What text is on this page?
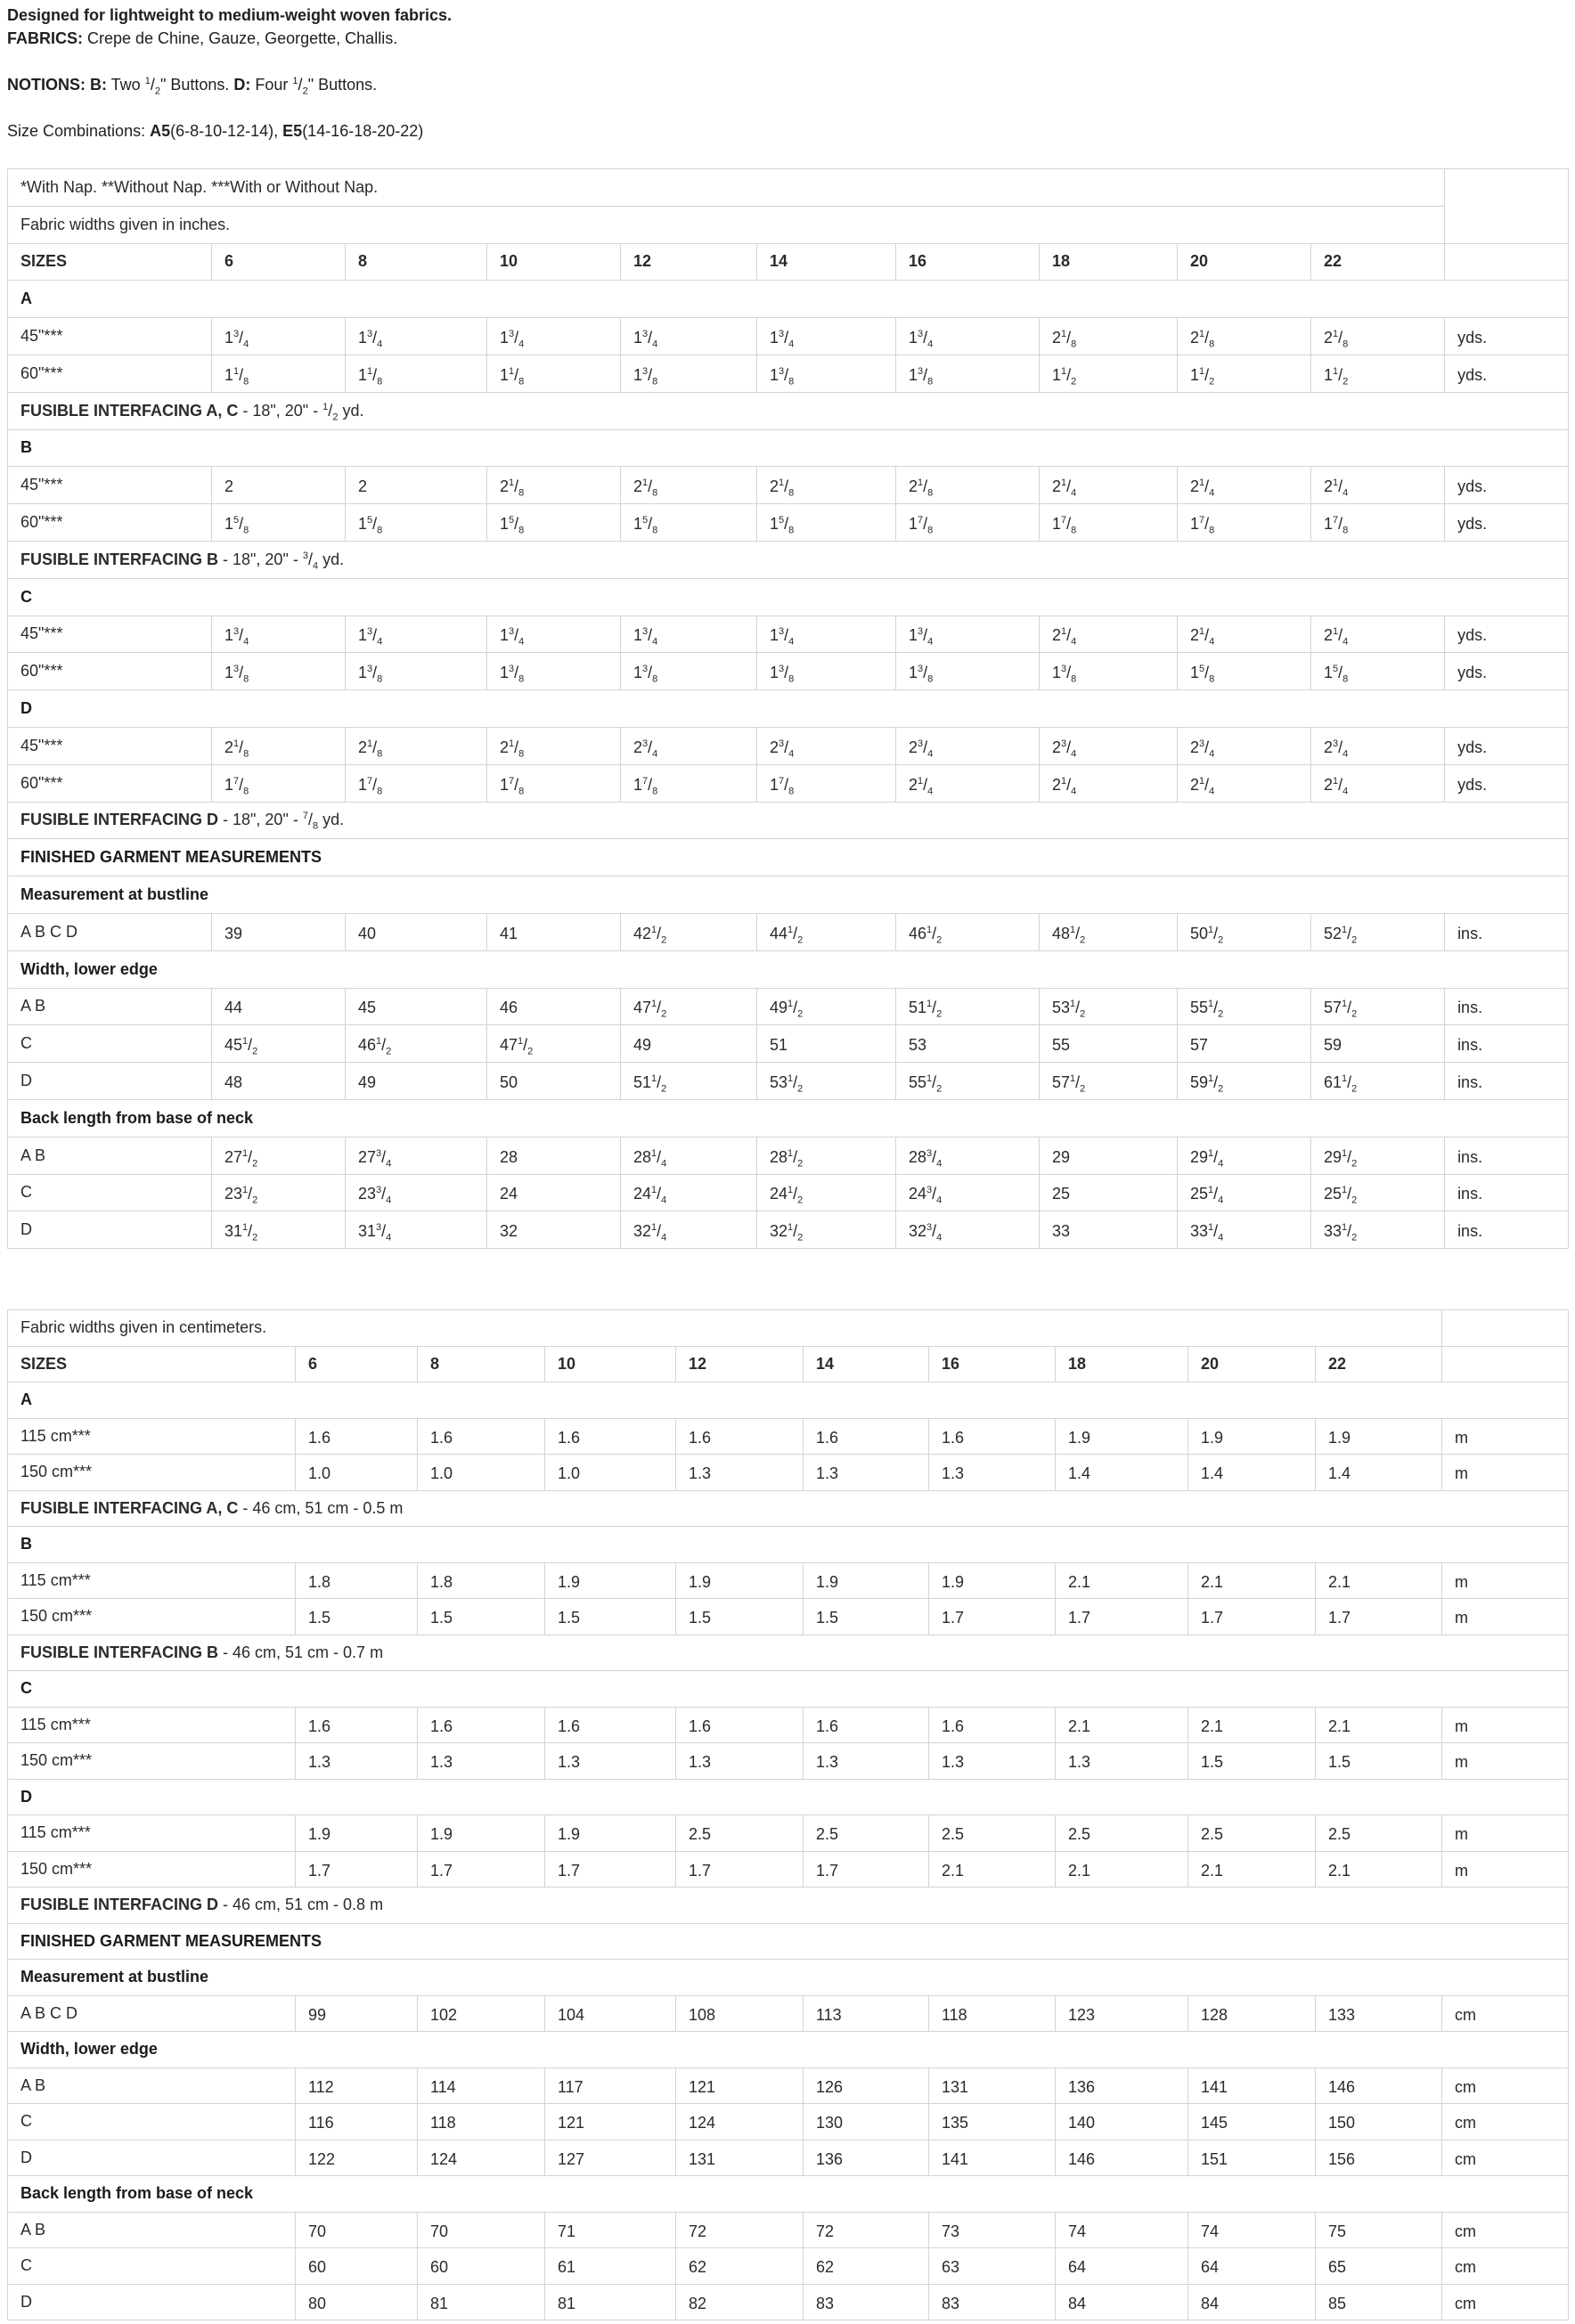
Designed for lightweight to medium-weight woven fabrics.

FABRICS: Crepe de Chine, Gauze, Georgette, Challis.

NOTIONS: B: Two $^1/_2$" Buttons. D: Four $^1/_2$" Buttons.

Size Combinations: A5(6-8-10-12-14), E5(14-16-18-20-22)

*With Nap. **Without Nap. ***With or Without Nap.										
Fabric widths given in inches.										
SIZES	6	8	10	12	14	16	18	20	22	
A										
45"***	$1^3/_4$	$1^3/_4$	$1^3/_4$	$1^3/_4$	$1^3/_4$	$1^3/_4$	$2^1/_8$	$2^1/_8$	$2^1/_8$	yds.
60"***	$1^1/_8$	$1^1/_8$	$1^1/_8$	$1^3/_8$	$1^3/_8$	$1^3/_8$	$1^1/_2$	$1^1/_2$	$1^1/_2$	yds.
FUSIBLE INTERFACING A, C - 18", 20" - $^1/_2$ yd.										
B										
45"***	2	2	$2^1/_8$	$2^1/_8$	$2^1/_8$	$2^1/_8$	$2^1/_4$	$2^1/_4$	$2^1/_4$	yds.
60"***	$1^5/_8$	$1^5/_8$	$1^5/_8$	$1^5/_8$	$1^5/_8$	$1^7/_8$	$1^7/_8$	$1^7/_8$	$1^7/_8$	yds.
FUSIBLE INTERFACING B - 18", 20" - $^3/_4$ yd.										
C										
45"***	$1^3/_4$	$1^3/_4$	$1^3/_4$	$1^3/_4$	$1^3/_4$	$1^3/_4$	$2^1/_4$	$2^1/_4$	$2^1/_4$	yds.
60"***	$1^3/_8$	$1^3/_8$	$1^3/_8$	$1^3/_8$	$1^3/_8$	$1^3/_8$	$1^3/_8$	$1^5/_8$	$1^5/_8$	yds.
D										
45"***	$2^1/_8$	$2^1/_8$	$2^1/_8$	$2^3/_4$	$2^3/_4$	$2^3/_4$	$2^3/_4$	$2^3/_4$	$2^3/_4$	yds.
60"***	$1^7/_8$	$1^7/_8$	$1^7/_8$	$1^7/_8$	$1^7/_8$	$2^1/_4$	$2^1/_4$	$2^1/_4$	$2^1/_4$	yds.
FUSIBLE INTERFACING D - 18", 20" - $^7/_8$ yd.										
FINISHED GARMENT MEASUREMENTS										
Measurement at bustline										
A B C D	39	40	41	$42^1/_2$	$44^1/_2$	$46^1/_2$	$48^1/_2$	$50^1/_2$	$52^1/_2$	ins.
Width, lower edge										
A B	44	45	46	$47^1/_2$	$49^1/_2$	$51^1/_2$	$53^1/_2$	$55^1/_2$	$57^1/_2$	ins.
C	$45^1/_2$	$46^1/_2$	$47^1/_2$	49	51	53	55	57	59	ins.
D	48	49	50	$51^1/_2$	$53^1/_2$	$55^1/_2$	$57^1/_2$	$59^1/_2$	$61^1/_2$	ins.
Back length from base of neck										
A B	$27^1/_2$	$27^3/_4$	28	$28^1/_4$	$28^1/_2$	$28^3/_4$	29	$29^1/_4$	$29^1/_2$	ins.
C	$23^1/_2$	$23^3/_4$	24	$24^1/_4$	$24^1/_2$	$24^3/_4$	25	$25^1/_4$	$25^1/_2$	ins.
D	$31^1/_2$	$31^3/_4$	32	$32^1/_4$	$32^1/_2$	$32^3/_4$	33	$33^1/_4$	$33^1/_2$	ins.
Fabric widths given in centimeters.										
SIZES	6	8	10	12	14	16	18	20	22	
A										
115 cm***	1.6	1.6	1.6	1.6	1.6	1.6	1.9	1.9	1.9	m
150 cm***	1.0	1.0	1.0	1.3	1.3	1.3	1.4	1.4	1.4	m
FUSIBLE INTERFACING A, C - 46 cm, 51 cm - 0.5 m										
B										
115 cm***	1.8	1.8	1.9	1.9	1.9	1.9	2.1	2.1	2.1	m
150 cm***	1.5	1.5	1.5	1.5	1.5	1.7	1.7	1.7	1.7	m
FUSIBLE INTERFACING B - 46 cm, 51 cm - 0.7 m										
C										
115 cm***	1.6	1.6	1.6	1.6	1.6	1.6	2.1	2.1	2.1	m
150 cm***	1.3	1.3	1.3	1.3	1.3	1.3	1.3	1.5	1.5	m
D										
115 cm***	1.9	1.9	1.9	2.5	2.5	2.5	2.5	2.5	2.5	m
150 cm***	1.7	1.7	1.7	1.7	1.7	2.1	2.1	2.1	2.1	m
FUSIBLE INTERFACING D - 46 cm, 51 cm - 0.8 m										
FINISHED GARMENT MEASUREMENTS										
Measurement at bustline										
A B C D	99	102	104	108	113	118	123	128	133	cm
Width, lower edge										
A B	112	114	117	121	126	131	136	141	146	cm
C	116	118	121	124	130	135	140	145	150	cm
D	122	124	127	131	136	141	146	151	156	cm
Back length from base of neck										
A B	70	70	71	72	72	73	74	74	75	cm
C	60	60	61	62	62	63	64	64	65	cm
D	80	81	81	82	83	83	84	84	85	cm
